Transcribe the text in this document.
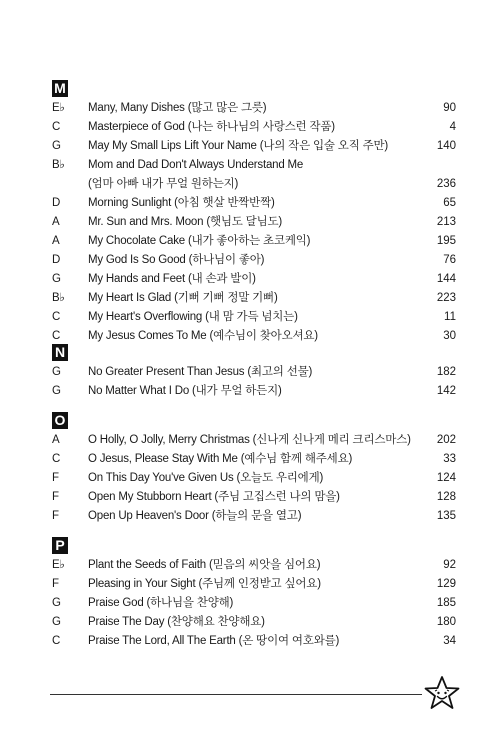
M
E♭	Many, Many Dishes (많고 많은 그릇)	90
C	Masterpiece of God (나는 하나님의 사랑스런 작품)	4
G	May My Small Lips Lift Your Name (나의 작은 입술 오직 주만)	140
B♭	Mom and Dad Don't Always Understand Me
(엄마 아빠 내가 무얼 원하는지)	236
D	Morning Sunlight (아침 햇살 반짝반짝)	65
A	Mr. Sun and Mrs. Moon (햇님도 달님도)	213
A	My Chocolate Cake (내가 좋아하는 초코케익)	195
D	My God Is So Good (하나님이 좋아)	76
G	My Hands and Feet (내 손과 발이)	144
B♭	My Heart Is Glad (기뻐 기뻐 정말 기뻐)	223
C	My Heart's Overflowing (내 맘 가득 넘치는)	11
C	My Jesus Comes To Me (예수님이 찾아오셔요)	30
N
G	No Greater Present Than Jesus (최고의 선물)	182
G	No Matter What I Do (내가 무얼 하든지)	142
O
A	O Holly, O Jolly, Merry Christmas (신나게 신나게 메리 크리스마스) 202
C	O Jesus, Please Stay With Me (예수님 함께 해주세요)	33
F	On This Day You've Given Us (오늘도 우리에게)	124
F	Open My Stubborn Heart (주님 고집스런 나의 맘을)	128
F	Open Up Heaven's Door (하늘의 문을 열고)	135
P
E♭	Plant the Seeds of Faith (믿음의 씨앗을 심어요)	92
F	Pleasing in Your Sight (주님께 인정받고 싶어요)	129
G	Praise God (하나님을 찬양해)	185
G	Praise The Day (찬양해요 찬양해요)	180
C	Praise The Lord, All The Earth (온 땅이여 여호와를)	34
